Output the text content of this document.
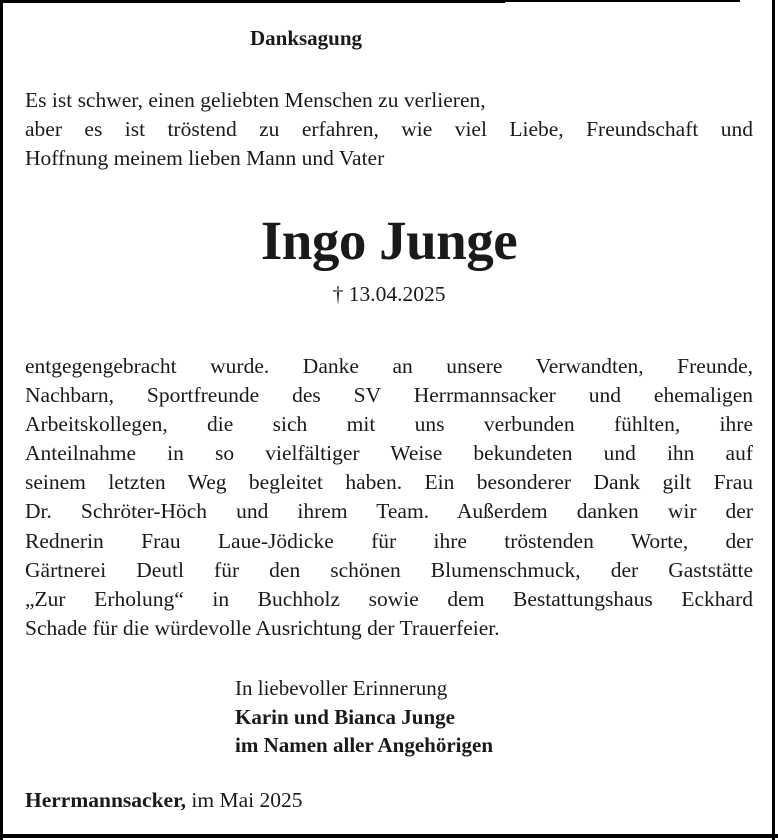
Danksagung
Es ist schwer, einen geliebten Menschen zu verlieren,
aber es ist tröstend zu erfahren, wie viel Liebe, Freundschaft und
Hoffnung meinem lieben Mann und Vater
Ingo Junge
† 13.04.2025
entgegengebracht wurde. Danke an unsere Verwandten, Freunde,
Nachbarn, Sportfreunde des SV Herrmannsacker und ehemaligen
Arbeitskollegen, die sich mit uns verbunden fühlten, ihre
Anteilnahme in so vielfältiger Weise bekundeten und ihn auf
seinem letzten Weg begleitet haben. Ein besonderer Dank gilt Frau
Dr. Schröter-Höch und ihrem Team. Außerdem danken wir der
Rednerin Frau Laue-Jödicke für ihre tröstenden Worte, der
Gärtnerei Deutl für den schönen Blumenschmuck, der Gaststätte
„Zur Erholung“ in Buchholz sowie dem Bestattungshaus Eckhard
Schade für die würdevolle Ausrichtung der Trauerfeier.
In liebevoller Erinnerung
Karin und Bianca Junge
im Namen aller Angehörigen
Herrmannsacker, im Mai 2025
